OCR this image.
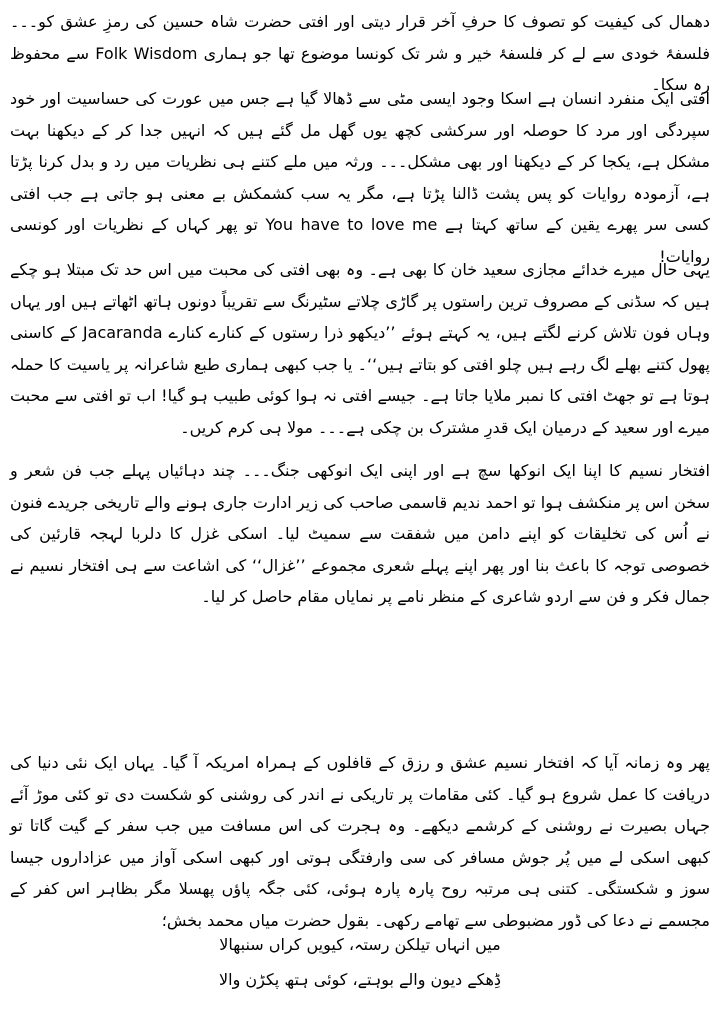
دھمال کی کیفیت کو تصوف کا حرفِ آخر قرار دیتی اور افتی حضرت شاہ حسین کی رمزِ عشق کو۔۔۔ فلسفۂ خودی سے لے کر فلسفۂ خیر و شر تک کونسا موضوع تھا جو ہماری Folk Wisdom سے محفوظ رہ سکا۔

افتی ایک منفرد انسان ہے اسکا وجود ایسی مٹی سے ڈھالا گیا ہے جس میں عورت کی حساسیت اور خود سپردگی اور مرد کا حوصلہ اور سرکشی کچھ یوں گھل مل گئے ہیں کہ انہیں جدا کر کے دیکھنا بہت مشکل ہے، یکجا کر کے دیکھنا اور بھی مشکل۔۔۔ ورثہ میں ملے کتنے ہی نظریات میں رد و بدل کرنا پڑتا ہے، آزمودہ روایات کو پس پشت ڈالنا پڑتا ہے، مگر یہ سب کشمکش بے معنی ہو جاتی ہے جب افتی کسی سر پھرے یقین کے ساتھ کہتا ہے You have to love me تو پھر کہاں کے نظریات اور کونسی روایات!

یہی حال میرے خدائے مجازی سعید خان کا بھی ہے۔ وہ بھی افتی کی محبت میں اس حد تک مبتلا ہو چکے ہیں کہ سڈنی کے مصروف ترین راستوں پر گاڑی چلاتے سٹیرنگ سے تقریباً دونوں ہاتھ اٹھاتے ہیں اور یہاں وہاں فون تلاش کرنے لگتے ہیں، یہ کہتے ہوئے ’’دیکھو ذرا رستوں کے کنارے کنارے Jacaranda کے کاسنی پھول کتنے بھلے لگ رہے ہیں چلو افتی کو بتاتے ہیں‘‘۔ یا جب کبھی ہماری طبع شاعرانہ پر یاسیت کا حملہ ہوتا ہے تو جھٹ افتی کا نمبر ملایا جاتا ہے۔ جیسے افتی نہ ہوا کوئی طبیب ہو گیا! اب تو افتی سے محبت میرے اور سعید کے درمیان ایک قدرِ مشترک بن چکی ہے۔۔۔ مولا ہی کرم کریں۔

افتخار نسیم کا اپنا ایک انوکھا سچ ہے اور اپنی ایک انوکھی جنگ۔۔۔ چند دہائیاں پہلے جب فن شعر و سخن اس پر منکشف ہوا تو احمد ندیم قاسمی صاحب کی زیر ادارت جاری ہونے والے تاریخی جریدے فنون نے اُس کی تخلیقات کو اپنے دامن میں شفقت سے سمیٹ لیا۔ اسکی غزل کا دلربا لہجہ قارئین کی خصوصی توجہ کا باعث بنا اور پھر اپنے پہلے شعری مجموعے ’’غزال‘‘ کی اشاعت سے ہی افتخار نسیم نے جمال فکر و فن سے اردو شاعری کے منظر نامے پر نمایاں مقام حاصل کر لیا۔

پھر وہ زمانہ آیا کہ افتخار نسیم عشق و رزق کے قافلوں کے ہمراہ امریکہ آ گیا۔ یہاں ایک نئی دنیا کی دریافت کا عمل شروع ہو گیا۔ کئی مقامات پر تاریکی نے اندر کی روشنی کو شکست دی تو کئی موڑ آئے جہاں بصیرت نے روشنی کے کرشمے دیکھے۔ وہ ہجرت کی اس مسافت میں جب سفر کے گیت گاتا تو کبھی اسکی لے میں پُر جوش مسافر کی سی وارفتگی ہوتی اور کبھی اسکی آواز میں عزاداروں جیسا سوز و شکستگی۔ کتنی ہی مرتبہ روح پارہ پارہ ہوئی، کئی جگہ پاؤں پھسلا مگر بظاہر اس کفر کے مجسمے نے دعا کی ڈور مضبوطی سے تھامے رکھی۔ بقول حضرت میاں محمد بخش؛

میں انہاں تیلکن رستہ، کیویں کراں سنبھالا
ڈِھکے دیون والے بوہتے، کوئی ہتھ پکڑن والا
